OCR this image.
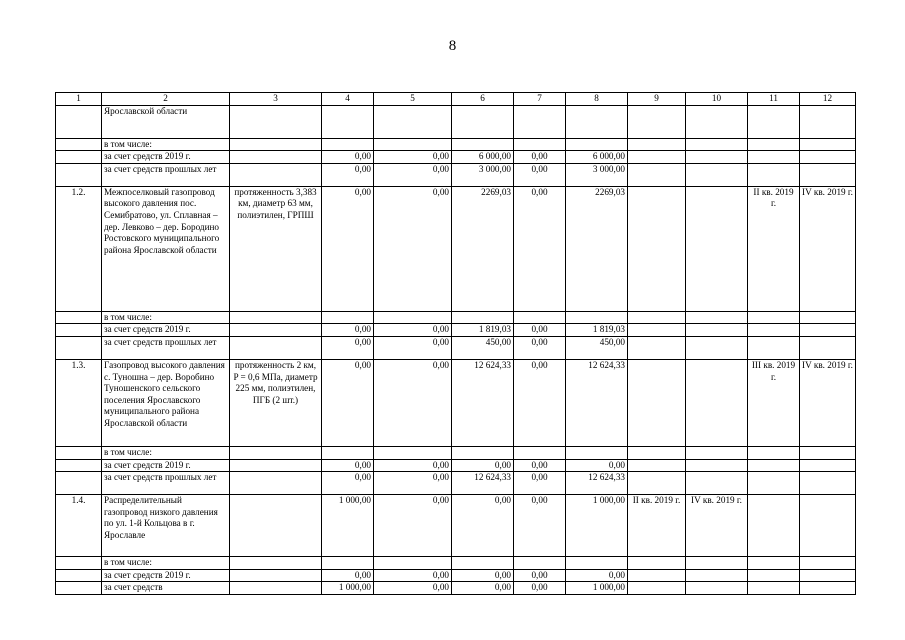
8
1	2	3	4	5	6	7	8	9	10	11	12
	Ярославской области										
	в том числе:										
	за счет средств 2019 г.		0,00	0,00	6 000,00	0,00	6 000,00				
	за счет средств прошлых лет		0,00	0,00	3 000,00	0,00	3 000,00				
1.2.	Межпоселковый газопровод высокого давления пос. Семибратово, ул. Сплавная – дер. Левково – дер. Бородино Ростовского муниципального района Ярославской области	протяженность 3,383 км, диаметр 63 мм, полиэтилен, ГРПШ	0,00	0,00	2269,03	0,00	2269,03			II кв. 2019 г.	IV кв. 2019 г.
	в том числе:										
	за счет средств 2019 г.		0,00	0,00	1 819,03	0,00	1 819,03				
	за счет средств прошлых лет		0,00	0,00	450,00	0,00	450,00				
1.3.	Газопровод высокого давления с. Туношна – дер. Воробино Туношенского сельского поселения Ярославского муниципального района Ярославской области	протяженность 2 км, P = 0,6 МПа, диаметр 225 мм, полиэтилен, ПГБ (2 шт.)	0,00	0,00	12 624,33	0,00	12 624,33			III кв. 2019 г.	IV кв. 2019 г.
	в том числе:										
	за счет средств 2019 г.		0,00	0,00	0,00	0,00	0,00				
	за счет средств прошлых лет		0,00	0,00	12 624,33	0,00	12 624,33				
1.4.	Распределительный газопровод низкого давления по ул. 1-й Кольцова в г. Ярославле		1 000,00	0,00	0,00	0,00	1 000,00	II кв. 2019 г.	IV кв. 2019 г.		
	в том числе:										
	за счет средств 2019 г.		0,00	0,00	0,00	0,00	0,00				
	за счет средств		1 000,00	0,00	0,00	0,00	1 000,00				
